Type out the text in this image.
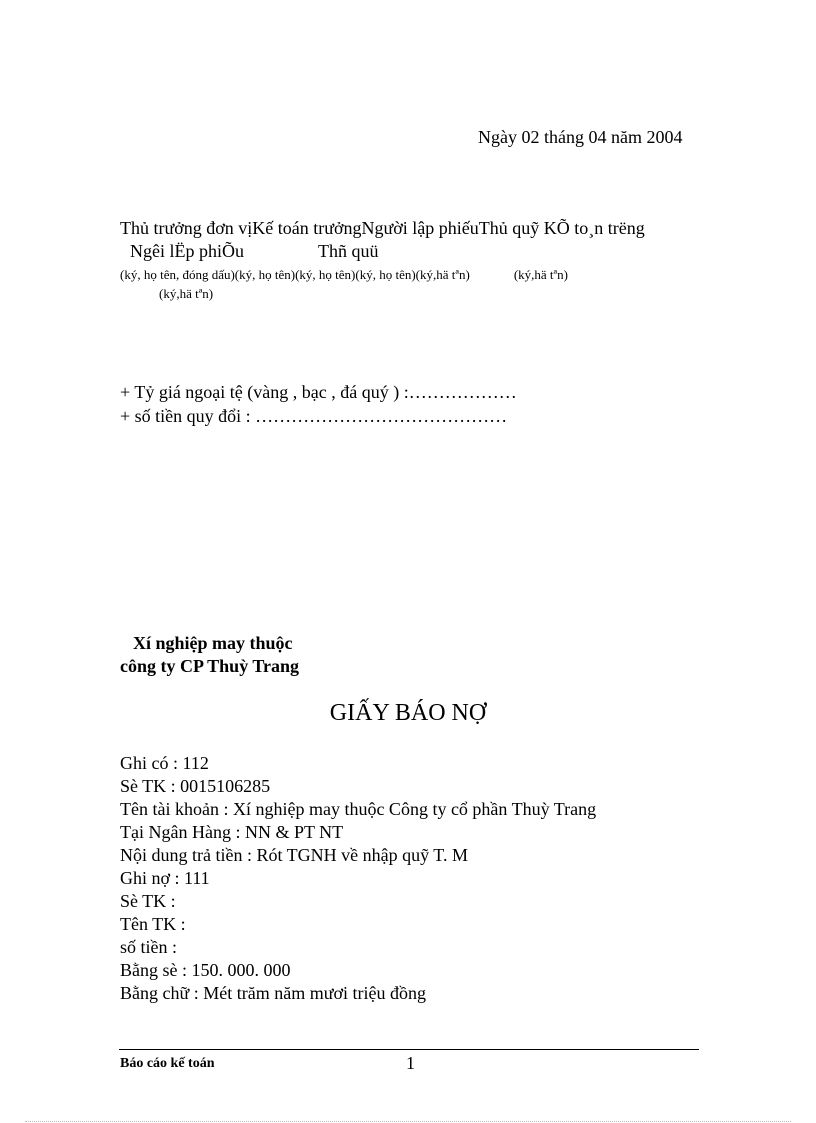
Ngày 02 tháng 04 năm 2004
Thủ trưởng đơn vịKế toán trưởngNgười lập phiếuThủ quỹ KÕ to¸n trëng
Ngêi lËp phiÕu	Thñ quü
(ký, họ tên, đóng dấu)(ký, họ tên)(ký, họ tên)(ký, họ tên)(ký,hä tªn)	(ký,hä tªn)
(ký,hä tªn)
+ Tỷ giá ngoại tệ (vàng , bạc , đá quý ) :………………
+ số tiền quy đổi : ……………………………………
Xí nghiệp may thuộc
công ty CP Thuỳ Trang
GIẤY BÁO NỢ
Ghi có : 112
Sè TK : 0015106285
Tên tài khoản : Xí nghiệp may thuộc Công ty cổ phần Thuỳ Trang
Tại Ngân Hàng : NN & PT NT
Nội dung trả tiền : Rót TGNH về nhập quỹ T. M
Ghi nợ : 111
Sè TK :
Tên TK :
số tiền :
Bằng sè : 150. 000. 000
Bằng chữ : Mét trăm năm mươi triệu đồng
Báo cáo kế toán	1
